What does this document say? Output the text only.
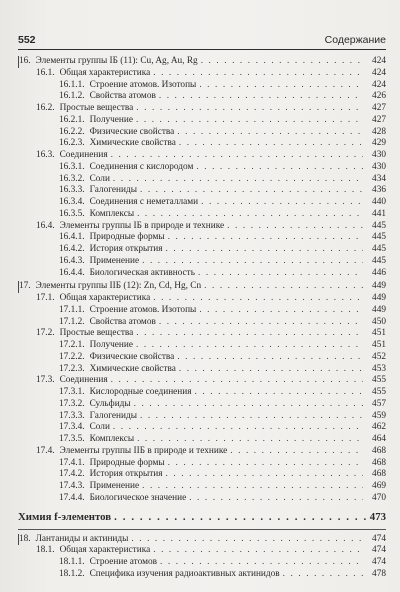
552	Содержание
16. Элементы группы IБ (11): Cu, Ag, Au, Rg . . .	424
16.1. Общая характеристика . . .	424
16.1.1. Строение атомов. Изотопы . . .	424
16.1.2. Свойства атомов . . .	426
16.2. Простые вещества . . .	427
16.2.1. Получение . . .	427
16.2.2. Физические свойства . . .	428
16.2.3. Химические свойства . . .	429
16.3. Соединения . . .	430
16.3.1. Соединения с кислородом . . .	430
16.3.2. Соли . . .	434
16.3.3. Галогениды . . .	436
16.3.4. Соединения с неметаллами . . .	440
16.3.5. Комплексы . . .	441
16.4. Элементы группы IБ в природе и технике . . .	445
16.4.1. Природные формы . . .	445
16.4.2. История открытия . . .	445
16.4.3. Применение . . .	445
16.4.4. Биологическая активность . . .	446
17. Элементы группы IIБ (12): Zn, Cd, Hg, Cn . . .	449
17.1. Общая характеристика . . .	449
17.1.1. Строение атомов. Изотопы . . .	449
17.1.2. Свойства атомов . . .	450
17.2. Простые вещества . . .	451
17.2.1. Получение . . .	451
17.2.2. Физические свойства . . .	452
17.2.3. Химические свойства . . .	453
17.3. Соединения . . .	455
17.3.1. Кислородные соединения . . .	455
17.3.2. Сульфиды . . .	457
17.3.3. Галогениды . . .	459
17.3.4. Соли . . .	462
17.3.5. Комплексы . . .	464
17.4. Элементы группы IIБ в природе и технике . . .	468
17.4.1. Природные формы . . .	468
17.4.2. История открытия . . .	468
17.4.3. Применение . . .	469
17.4.4. Биологическое значение . . .	470
Химия f-элементов . . .	473
18. Лантаниды и актиниды . . .	474
18.1. Общая характеристика . . .	474
18.1.1. Строение атомов . . .	474
18.1.2. Специфика изучения радиоактивных актинидов . . .	478
